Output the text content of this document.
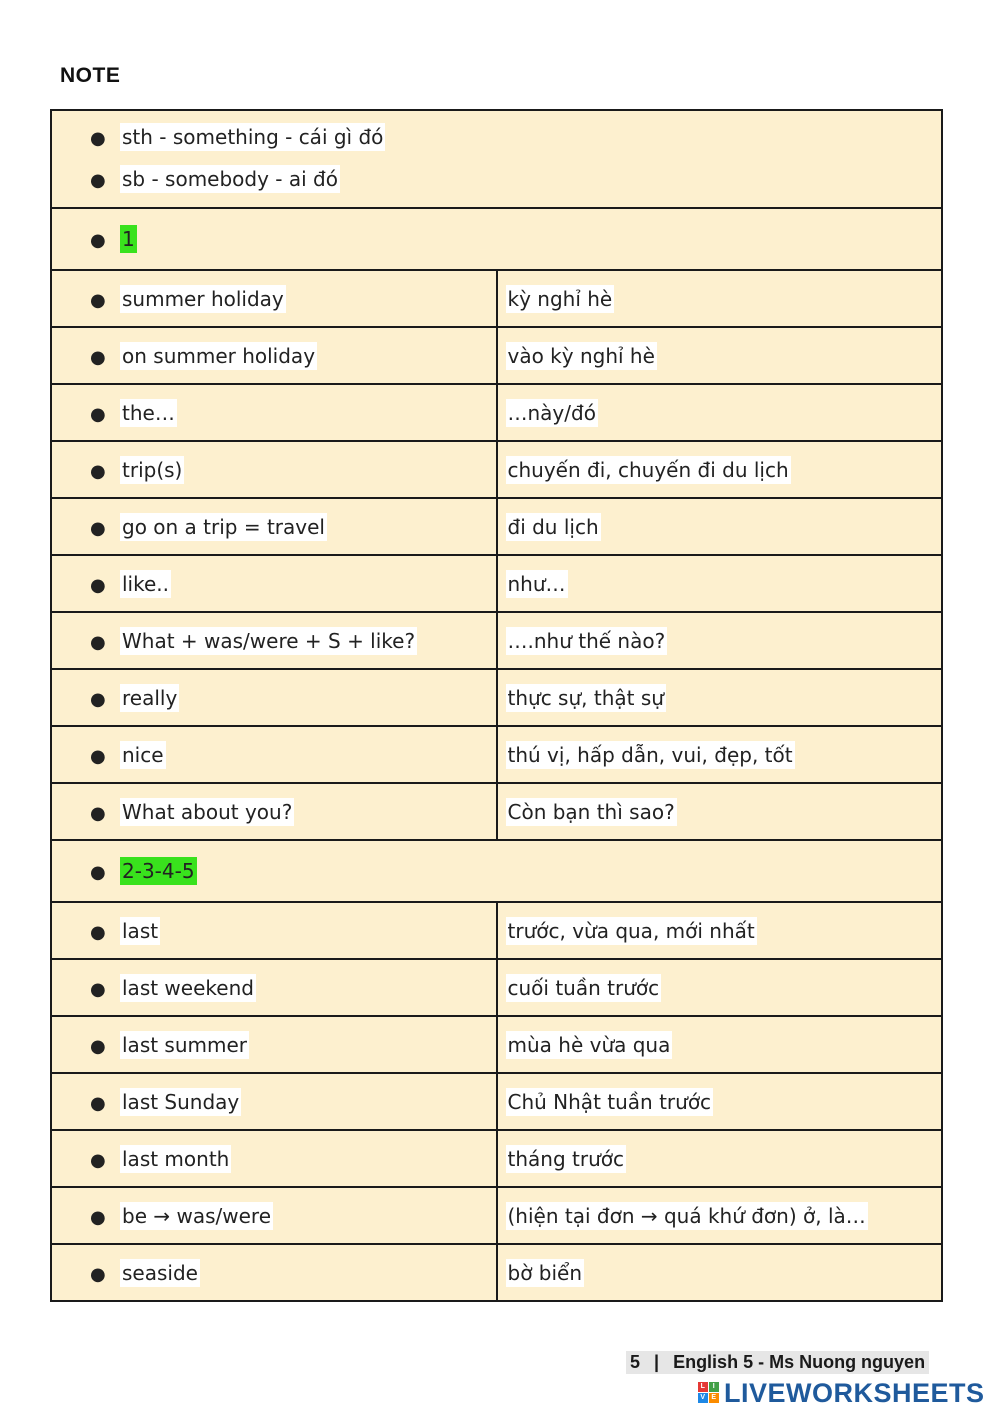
NOTE
● sth - something - cái gì đó
● sb - somebody - ai đó	

● 1	
● summer holiday	kỳ nghỉ hè
● on summer holiday	vào kỳ nghỉ hè
● the…	…này/đó
● trip(s)	chuyến đi, chuyến đi du lịch
● go on a trip = travel	đi du lịch
● like..	như…
● What + was/were + S + like?	….như thế nào?
● really	thực sự, thật sự
● nice	thú vị, hấp dẫn, vui, đẹp, tốt
● What about you?	Còn bạn thì sao?
● 2-3-4-5	
● last	trước, vừa qua, mới nhất
● last weekend	cuối tuần trước
● last summer	mùa hè vừa qua
● last Sunday	Chủ Nhật tuần trước
● last month	tháng trước
● be → was/were	(hiện tại đơn → quá khứ đơn) ở, là…
● seaside	bờ biển
5 | English 5 - Ms Nuong nguyen
L	I
V E LIVEWORKSHEETS
